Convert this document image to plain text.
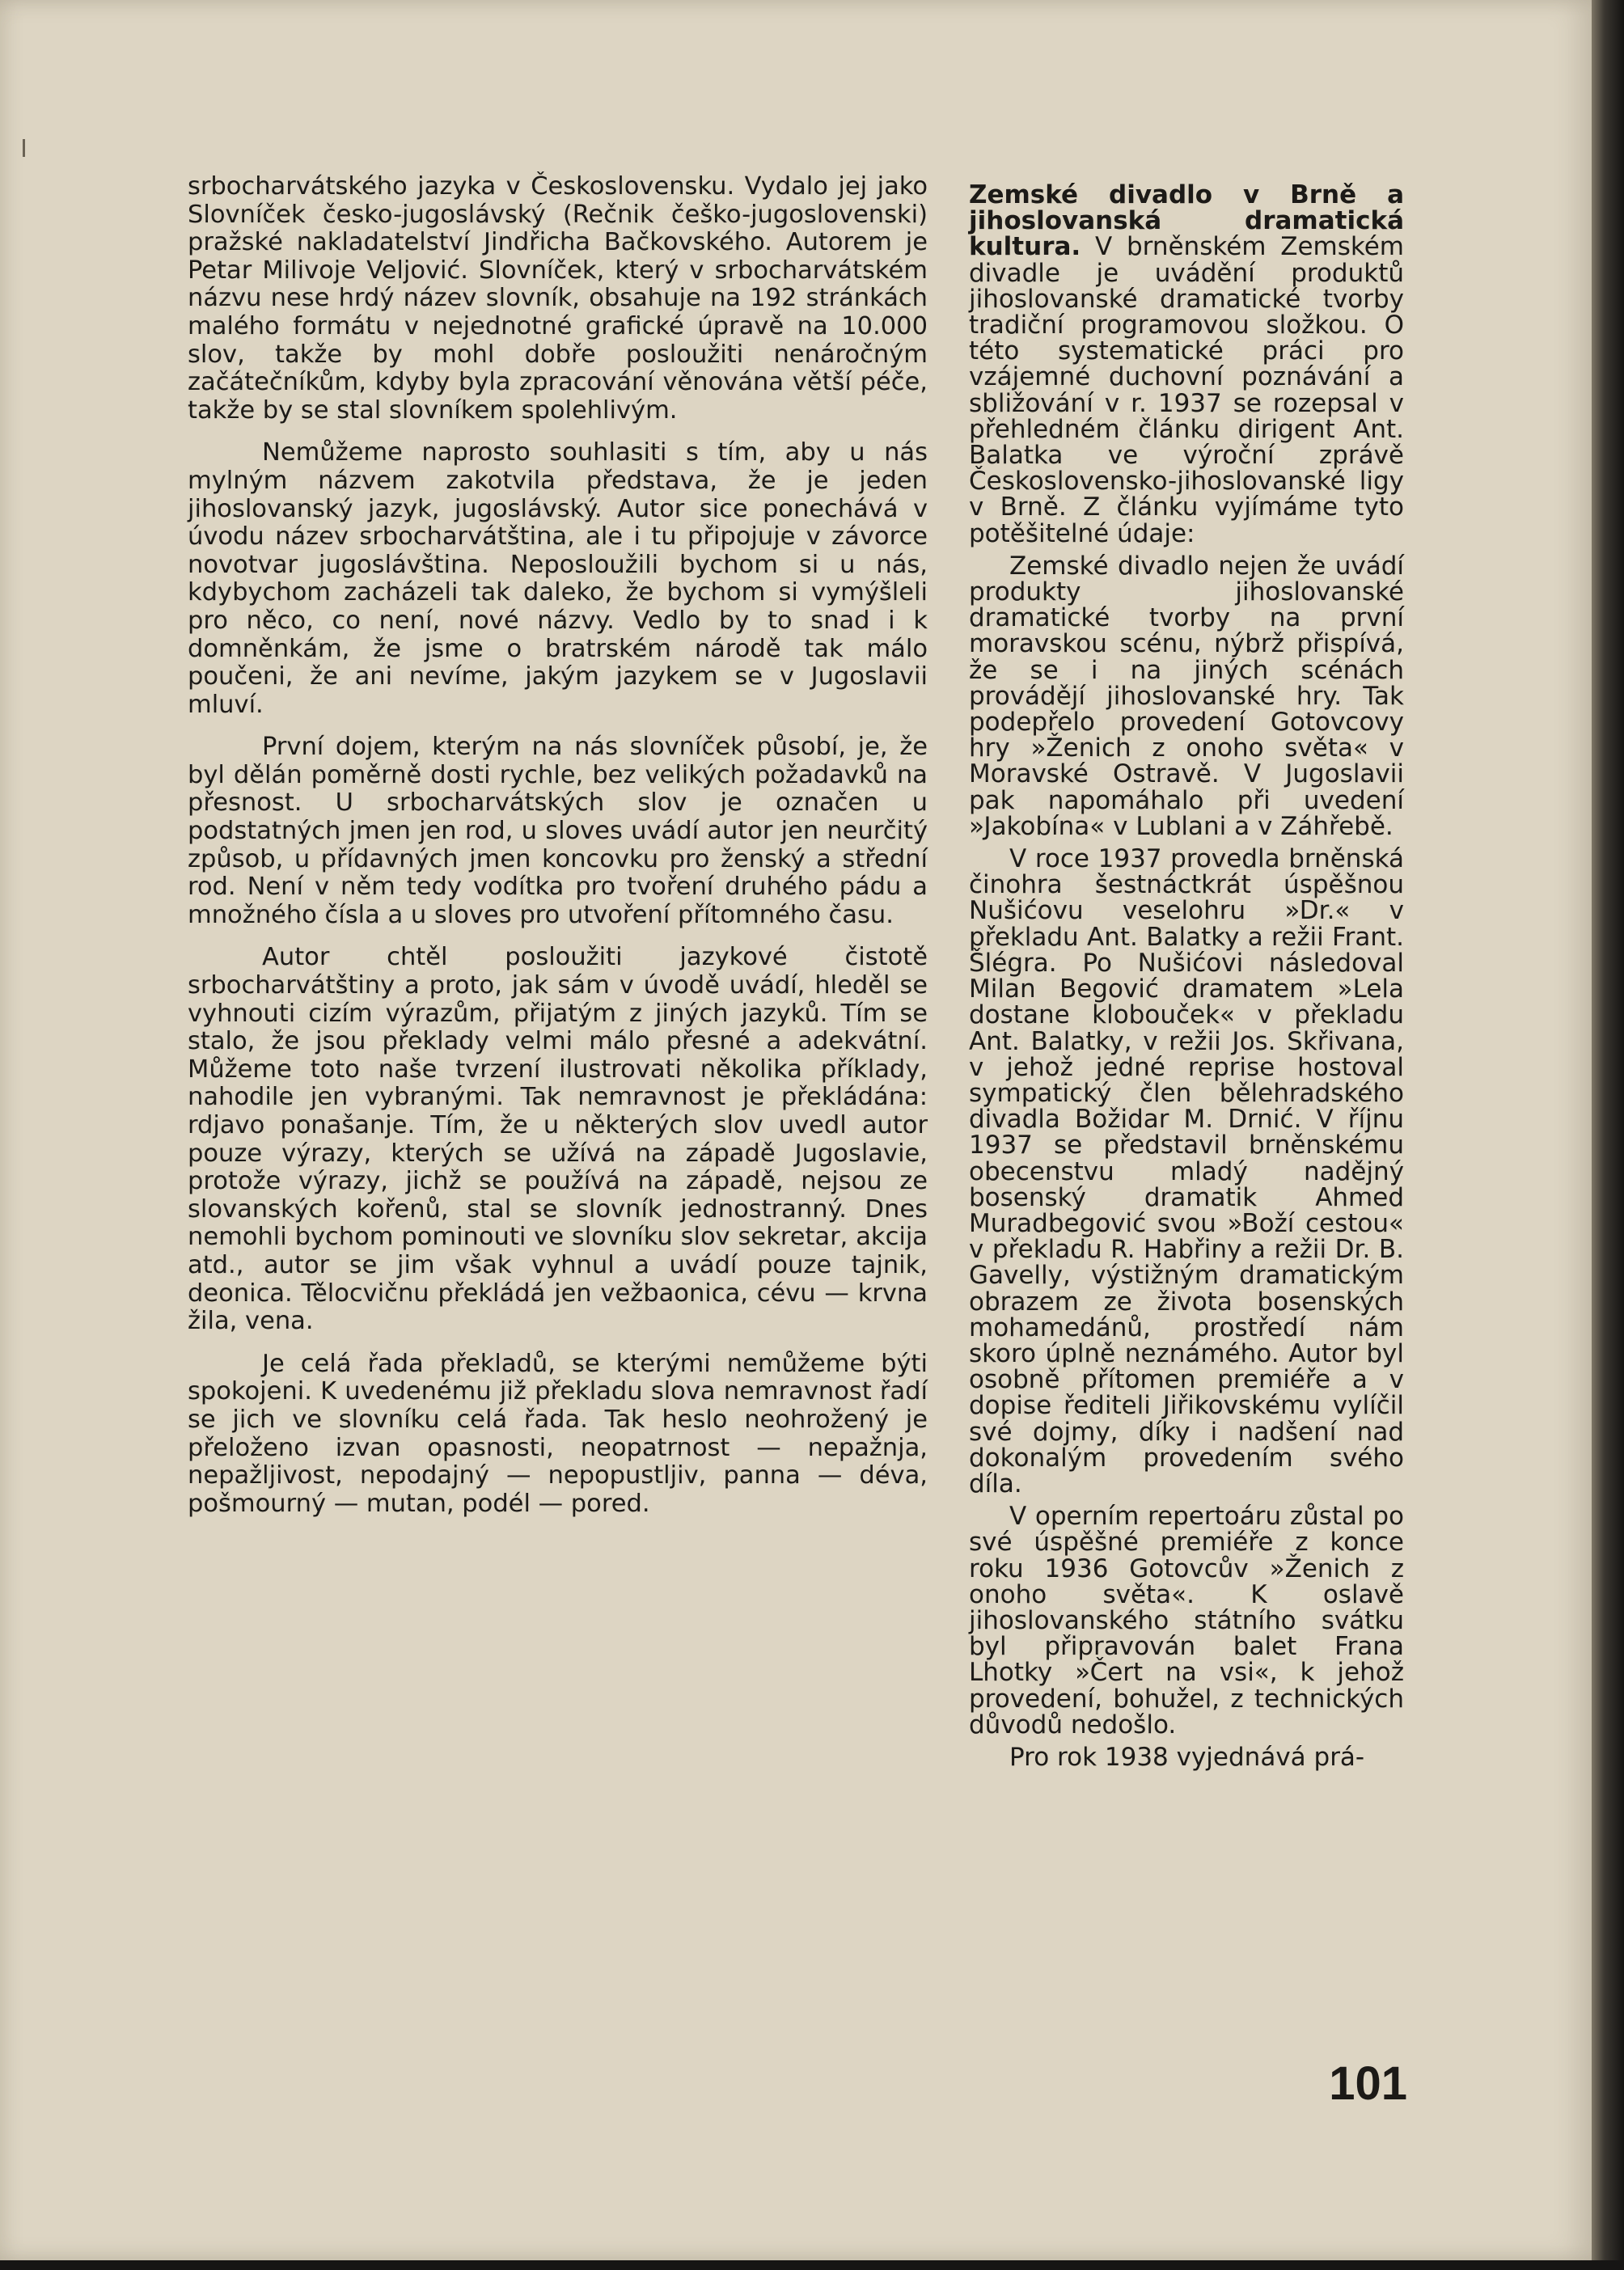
srbocharvátského jazyka v Československu. Vydalo jej jako Slovníček česko-jugoslávský (Rečnik češko-jugoslovenski) pražské nakladatelství Jindřicha Bačkovského. Autorem je Petar Milivoje Veljović. Slovníček, který v srbocharvátském názvu nese hrdý název slovník, obsahuje na 192 stránkách malého formátu v nejednotné grafické úpravě na 10.000 slov, takže by mohl dobře posloužiti nenáročným začátečníkům, kdyby byla zpracování věnována větší péče, takže by se stal slovníkem spolehlivým.

Nemůžeme naprosto souhlasiti s tím, aby u nás mylným názvem zakotvila představa, že je jeden jihoslovanský jazyk, jugoslávský. Autor sice ponechává v úvodu název srbocharvátština, ale i tu připojuje v závorce novotvar jugoslávština. Neposloužili bychom si u nás, kdybychom zacházeli tak daleko, že bychom si vymýšleli pro něco, co není, nové názvy. Vedlo by to snad i k domněnkám, že jsme o bratrském národě tak málo poučeni, že ani nevíme, jakým jazykem se v Jugoslavii mluví.

První dojem, kterým na nás slovníček působí, je, že byl dělán poměrně dosti rychle, bez velikých požadavků na přesnost. U srbocharvátských slov je označen u podstatných jmen jen rod, u sloves uvádí autor jen neurčitý způsob, u přídavných jmen koncovku pro ženský a střední rod. Není v něm tedy vodítka pro tvoření druhého pádu a množného čísla a u sloves pro utvoření přítomného času.

Autor chtěl posloužiti jazykové čistotě srbocharvátštiny a proto, jak sám v úvodě uvádí, hleděl se vyhnouti cizím výrazům, přijatým z jiných jazyků. Tím se stalo, že jsou překlady velmi málo přesné a adekvátní. Můžeme toto naše tvrzení ilustrovati několika příklady, nahodile jen vybranými. Tak nemravnost je překládána: rdjavo ponašanje. Tím, že u některých slov uvedl autor pouze výrazy, kterých se užívá na západě Jugoslavie, protože výrazy, jichž se používá na západě, nejsou ze slovanských kořenů, stal se slovník jednostranný. Dnes nemohli bychom pominouti ve slovníku slov sekretar, akcija atd., autor se jim však vyhnul a uvádí pouze tajnik, deonica. Tělocvičnu překládá jen vežbaonica, cévu — krvna žila, vena.

Je celá řada překladů, se kterými nemůžeme býti spokojeni. K uvedenému již překladu slova nemravnost řadí se jich ve slovníku celá řada. Tak heslo neohrožený je přeloženo izvan opasnosti, neopatrnost — nepažnja, nepažljivost, nepodajný — nepopustljiv, panna — déva, pošmourný — mutan, podél — pored.

Zemské divadlo v Brně a jihoslovanská dramatická kultura. V brněnském Zemském divadle je uvádění produktů jihoslovanské dramatické tvorby tradiční programovou složkou. O této systematické práci pro vzájemné duchovní poznávání a sbližování v r. 1937 se rozepsal v přehledném článku dirigent Ant. Balatka ve výroční zprávě Československo-jihoslovanské ligy v Brně. Z článku vyjímáme tyto potěšitelné údaje:

Zemské divadlo nejen že uvádí produkty jihoslovanské dramatické tvorby na první moravskou scénu, nýbrž přispívá, že se i na jiných scénách provádějí jihoslovanské hry. Tak podepřelo provedení Gotovcovy hry »Ženich z onoho světa« v Moravské Ostravě. V Jugoslavii pak napomáhalo při uvedení »Jakobína« v Lublani a v Záhřebě.

V roce 1937 provedla brněnská činohra šestnáctkrát úspěšnou Nušićovu veselohru »Dr.« v překladu Ant. Balatky a režii Frant. Šlégra. Po Nušićovi následoval Milan Begović dramatem »Lela dostane klobouček« v překladu Ant. Balatky, v režii Jos. Skřivana, v jehož jedné reprise hostoval sympatický člen bělehradského divadla Božidar M. Drnić. V říjnu 1937 se představil brněnskému obecenstvu mladý nadějný bosenský dramatik Ahmed Muradbegović svou »Boží cestou« v překladu R. Habřiny a režii Dr. B. Gavelly, výstižným dramatickým obrazem ze života bosenských mohamedánů, prostředí nám skoro úplně neznámého. Autor byl osobně přítomen premiéře a v dopise řediteli Jiřikovskému vylíčil své dojmy, díky i nadšení nad dokonalým provedením svého díla.

V operním repertoáru zůstal po své úspěšné premiéře z konce roku 1936 Gotovcův »Ženich z onoho světa«. K oslavě jihoslovanského státního svátku byl připravován balet Frana Lhotky »Čert na vsi«, k jehož provedení, bohužel, z technických důvodů nedošlo.

Pro rok 1938 vyjednává prá-

101
